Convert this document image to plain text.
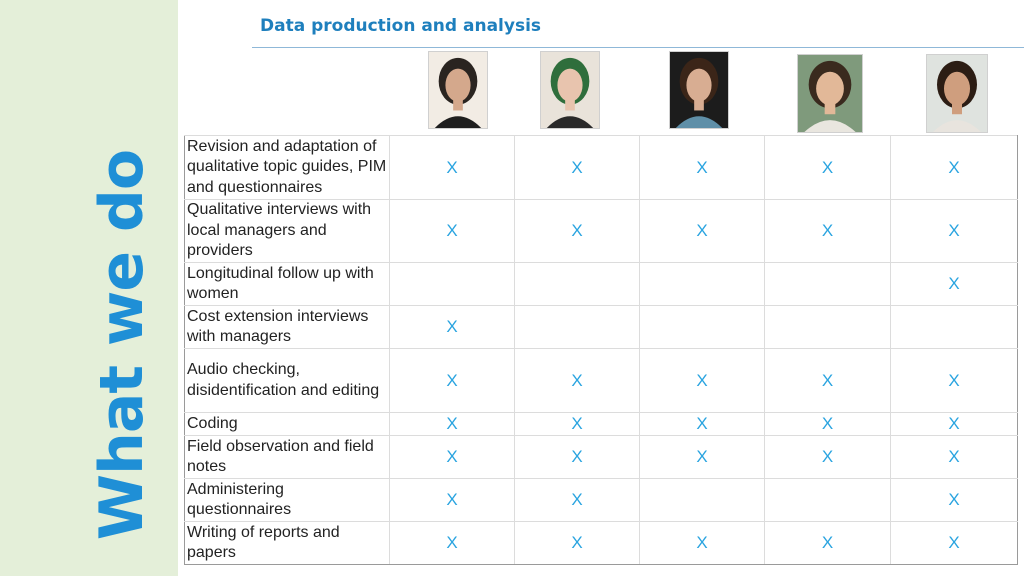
What we do
Data production and analysis
Revision and adaptation of qualitative topic guides, PIM and questionnaires	X	X	X	X	X
Qualitative interviews with local managers and providers	X	X	X	X	X
Longitudinal follow up with women					X
Cost extension interviews with managers	X				
Audio checking, disidentification and editing	X	X	X	X	X
Coding	X	X	X	X	X
Field observation and field notes	X	X	X	X	X
Administering questionnaires	X	X			X
Writing of reports and papers	X	X	X	X	X
